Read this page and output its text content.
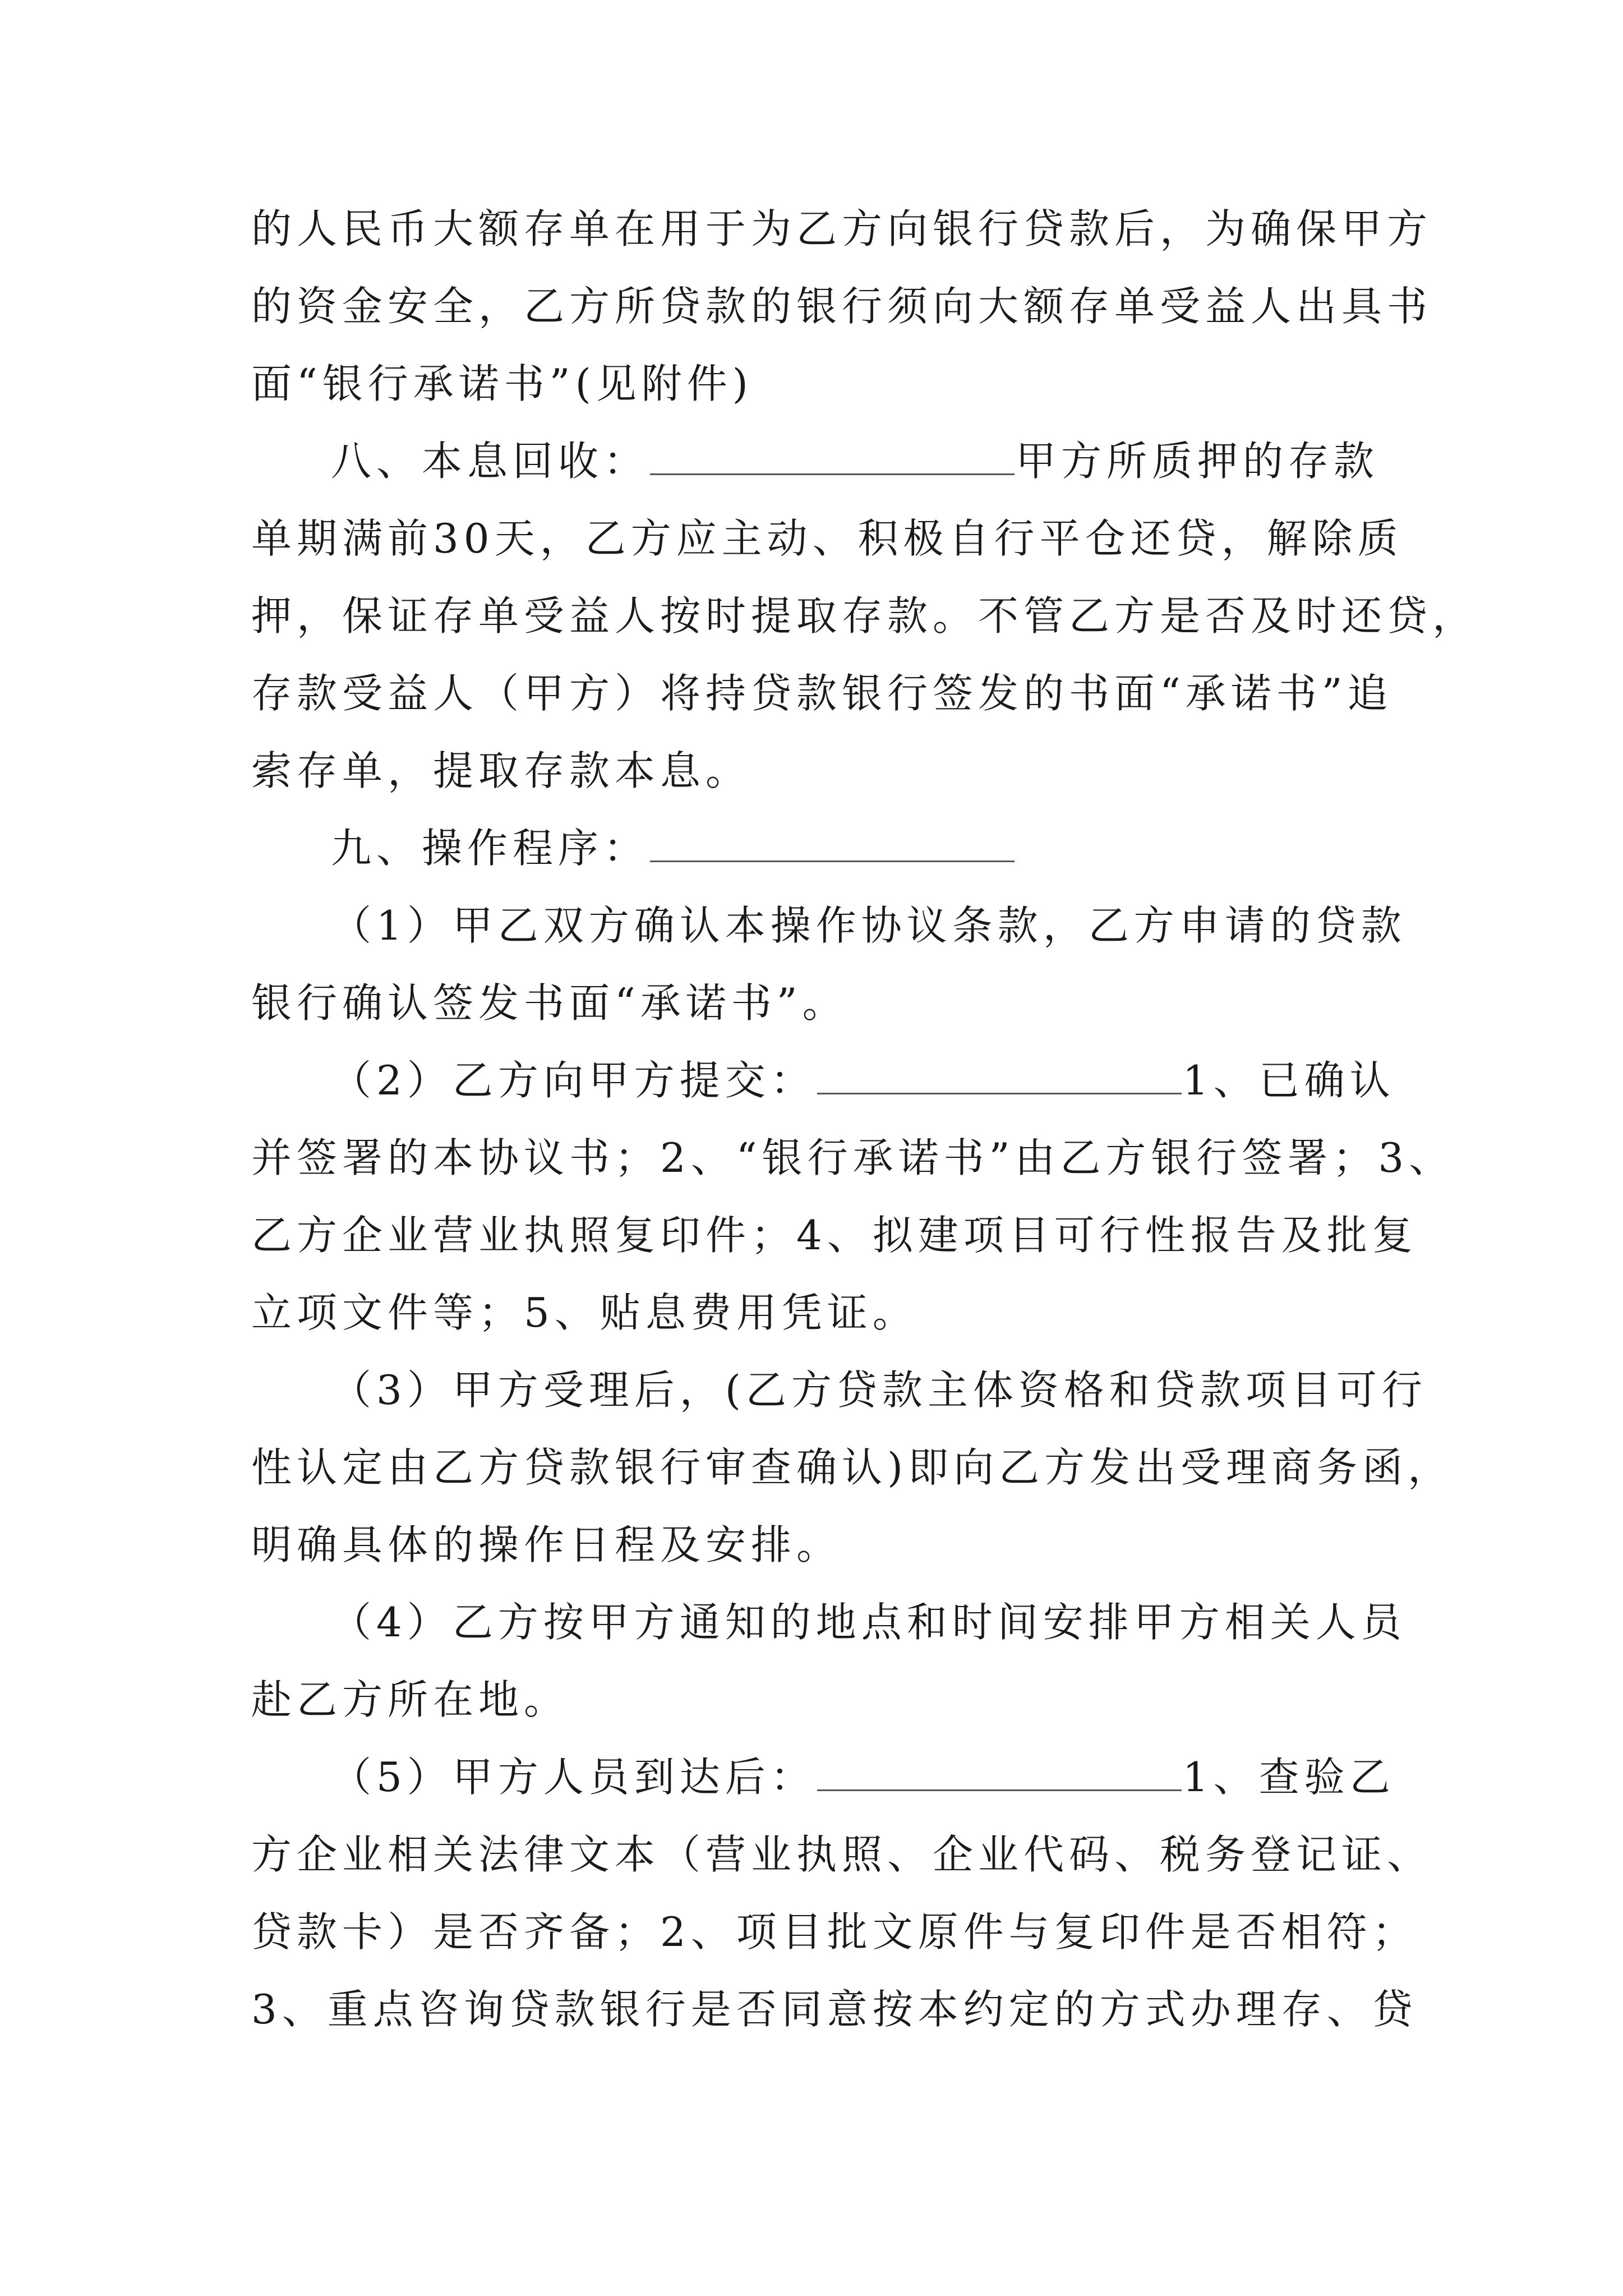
的人民币大额存单在用于为乙方向银行贷款后，为确保甲方
的资金安全，乙方所贷款的银行须向大额存单受益人出具书
面“银行承诺书”(见附件)
八、本息回收：	甲方所质押的存款
单期满前30天，乙方应主动、积极自行平仓还贷，解除质
押，保证存单受益人按时提取存款。不管乙方是否及时还贷，
存款受益人（甲方）将持贷款银行签发的书面“承诺书”追
索存单，提取存款本息。
九、操作程序：
（1）甲乙双方确认本操作协议条款，乙方申请的贷款
银行确认签发书面“承诺书”。
（2）乙方向甲方提交：	1、已确认
并签署的本协议书；2、“银行承诺书”由乙方银行签署；3、
乙方企业营业执照复印件；4、拟建项目可行性报告及批复
立项文件等；5、贴息费用凭证。
（3）甲方受理后，(乙方贷款主体资格和贷款项目可行
性认定由乙方贷款银行审查确认)即向乙方发出受理商务函，
明确具体的操作日程及安排。
（4）乙方按甲方通知的地点和时间安排甲方相关人员
赴乙方所在地。
（5）甲方人员到达后：	1、查验乙
方企业相关法律文本（营业执照、企业代码、税务登记证、
贷款卡）是否齐备；2、项目批文原件与复印件是否相符；
3、重点咨询贷款银行是否同意按本约定的方式办理存、贷
